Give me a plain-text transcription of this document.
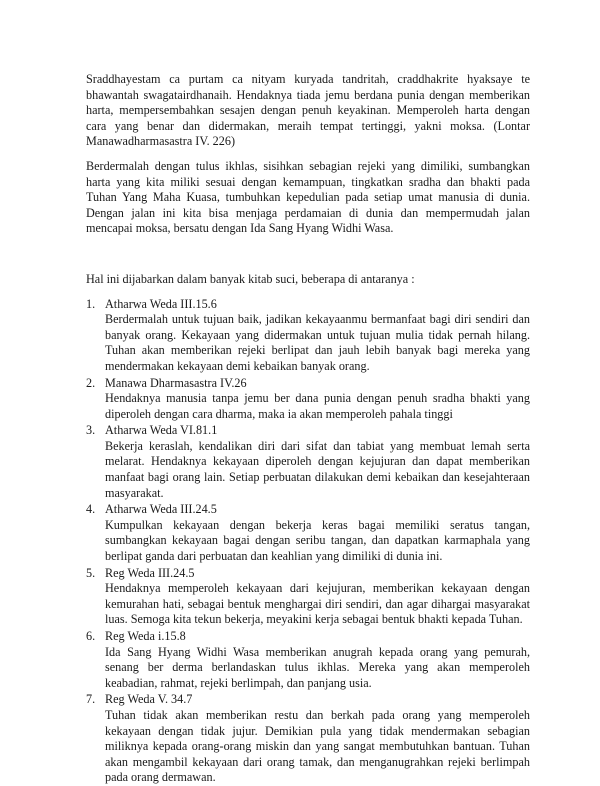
Sraddhayestam ca purtam ca nityam kuryada tandritah, craddhakrite hyaksaye te bhawantah swagatairdhanaih. Hendaknya tiada jemu berdana punia dengan memberikan harta, mempersembahkan sesajen dengan penuh keyakinan. Memperoleh harta dengan cara yang benar dan didermakan, meraih tempat tertinggi, yakni moksa. (Lontar Manawadharmasastra IV. 226)

Berdermalah dengan tulus ikhlas, sisihkan sebagian rejeki yang dimiliki, sumbangkan harta yang kita miliki sesuai dengan kemampuan, tingkatkan sradha dan bhakti pada Tuhan Yang Maha Kuasa, tumbuhkan kepedulian pada setiap umat manusia di dunia. Dengan jalan ini kita bisa menjaga perdamaian di dunia dan mempermudah jalan mencapai moksa, bersatu dengan Ida Sang Hyang Widhi Wasa.

Hal ini dijabarkan dalam banyak kitab suci, beberapa di antaranya :

1. Atharwa Weda III.15.6
Berdermalah untuk tujuan baik, jadikan kekayaanmu bermanfaat bagi diri sendiri dan banyak orang. Kekayaan yang didermakan untuk tujuan mulia tidak pernah hilang. Tuhan akan memberikan rejeki berlipat dan jauh lebih banyak bagi mereka yang mendermakan kekayaan demi kebaikan banyak orang.
2. Manawa Dharmasastra IV.26
Hendaknya manusia tanpa jemu ber dana punia dengan penuh sradha bhakti yang diperoleh dengan cara dharma, maka ia akan memperoleh pahala tinggi
3. Atharwa Weda VI.81.1
Bekerja keraslah, kendalikan diri dari sifat dan tabiat yang membuat lemah serta melarat. Hendaknya kekayaan diperoleh dengan kejujuran dan dapat memberikan manfaat bagi orang lain. Setiap perbuatan dilakukan demi kebaikan dan kesejahteraan masyarakat.
4. Atharwa Weda III.24.5
Kumpulkan kekayaan dengan bekerja keras bagai memiliki seratus tangan, sumbangkan kekayaan bagai dengan seribu tangan, dan dapatkan karmaphala yang berlipat ganda dari perbuatan dan keahlian yang dimiliki di dunia ini.
5. Reg Weda III.24.5
Hendaknya memperoleh kekayaan dari kejujuran, memberikan kekayaan dengan kemurahan hati, sebagai bentuk menghargai diri sendiri, dan agar dihargai masyarakat luas. Semoga kita tekun bekerja, meyakini kerja sebagai bentuk bhakti kepada Tuhan.
6. Reg Weda i.15.8
Ida Sang Hyang Widhi Wasa memberikan anugrah kepada orang yang pemurah, senang ber derma berlandaskan tulus ikhlas. Mereka yang akan memperoleh keabadian, rahmat, rejeki berlimpah, dan panjang usia.
7. Reg Weda V. 34.7
Tuhan tidak akan memberikan restu dan berkah pada orang yang memperoleh kekayaan dengan tidak jujur. Demikian pula yang tidak mendermakan sebagian miliknya kepada orang-orang miskin dan yang sangat membutuhkan bantuan. Tuhan akan mengambil kekayaan dari orang tamak, dan menganugrahkan rejeki berlimpah pada orang dermawan.
